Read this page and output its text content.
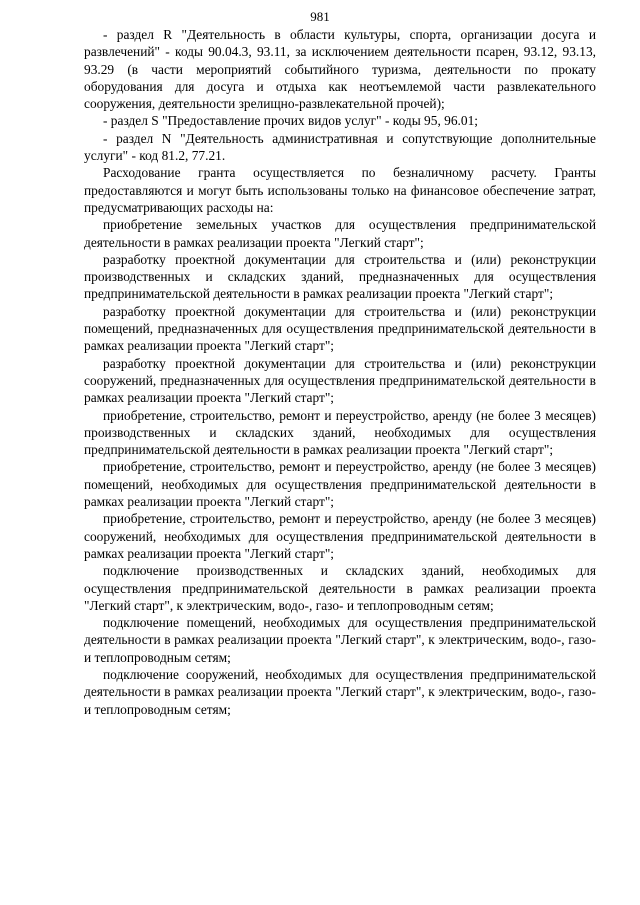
981

- раздел R "Деятельность в области культуры, спорта, организации досуга и развлечений" - коды 90.04.3, 93.11, за исключением деятельности псарен, 93.12, 93.13, 93.29 (в части мероприятий событийного туризма, деятельности по прокату оборудования для досуга и отдыха как неотъемлемой части развлекательного сооружения, деятельности зрелищно-развлекательной прочей);

- раздел S "Предоставление прочих видов услуг" - коды 95, 96.01;

- раздел N "Деятельность административная и сопутствующие дополнительные услуги" - код 81.2, 77.21.

Расходование гранта осуществляется по безналичному расчету. Гранты предоставляются и могут быть использованы только на финансовое обеспечение затрат, предусматривающих расходы на:

приобретение земельных участков для осуществления предпринимательской деятельности в рамках реализации проекта "Легкий старт";

разработку проектной документации для строительства и (или) реконструкции производственных и складских зданий, предназначенных для осуществления предпринимательской деятельности в рамках реализации проекта "Легкий старт";

разработку проектной документации для строительства и (или) реконструкции помещений, предназначенных для осуществления предпринимательской деятельности в рамках реализации проекта "Легкий старт";

разработку проектной документации для строительства и (или) реконструкции сооружений, предназначенных для осуществления предпринимательской деятельности в рамках реализации проекта "Легкий старт";

приобретение, строительство, ремонт и переустройство, аренду (не более 3 месяцев) производственных и складских зданий, необходимых для осуществления предпринимательской деятельности в рамках реализации проекта "Легкий старт";

приобретение, строительство, ремонт и переустройство, аренду (не более 3 месяцев) помещений, необходимых для осуществления предпринимательской деятельности в рамках реализации проекта "Легкий старт";

приобретение, строительство, ремонт и переустройство, аренду (не более 3 месяцев) сооружений, необходимых для осуществления предпринимательской деятельности в рамках реализации проекта "Легкий старт";

подключение производственных и складских зданий, необходимых для осуществления предпринимательской деятельности в рамках реализации проекта "Легкий старт", к электрическим, водо-, газо- и теплопроводным сетям;

подключение помещений, необходимых для осуществления предпринимательской деятельности в рамках реализации проекта "Легкий старт", к электрическим, водо-, газо- и теплопроводным сетям;

подключение сооружений, необходимых для осуществления предпринимательской деятельности в рамках реализации проекта "Легкий старт", к электрическим, водо-, газо- и теплопроводным сетям;
